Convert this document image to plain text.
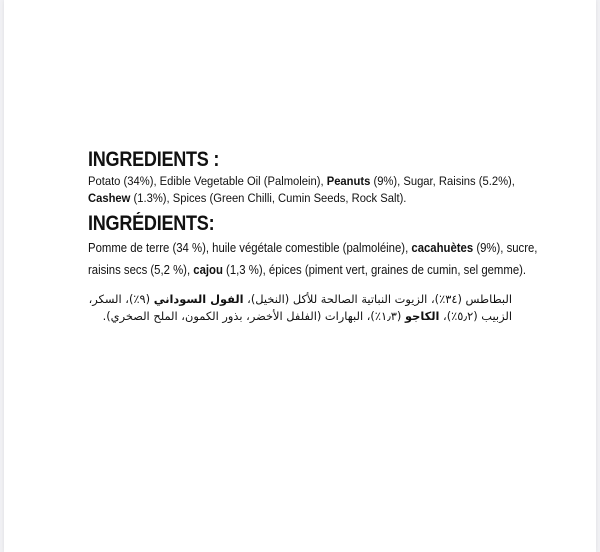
INGREDIENTS :
Potato (34%), Edible Vegetable Oil (Palmolein), Peanuts (9%), Sugar, Raisins (5.2%),
Cashew (1.3%), Spices (Green Chilli, Cumin Seeds, Rock Salt).
INGRÉDIENTS:
Pomme de terre (34 %), huile végétale comestible (palmoléine), cacahuètes (9%), sucre,
raisins secs (5,2 %), cajou (1,3 %), épices (piment vert, graines de cumin, sel gemme).
البطاطس (٣٤٪)، الزيوت النباتية الصالحة للأكل (النخيل)، الفول السوداني (٩٪)، السكر،
الزبيب (٥٫٢٪)، الكاجو (١٫٣٪)، البهارات (الفلفل الأخضر، بذور الكمون، الملح الصخري).
